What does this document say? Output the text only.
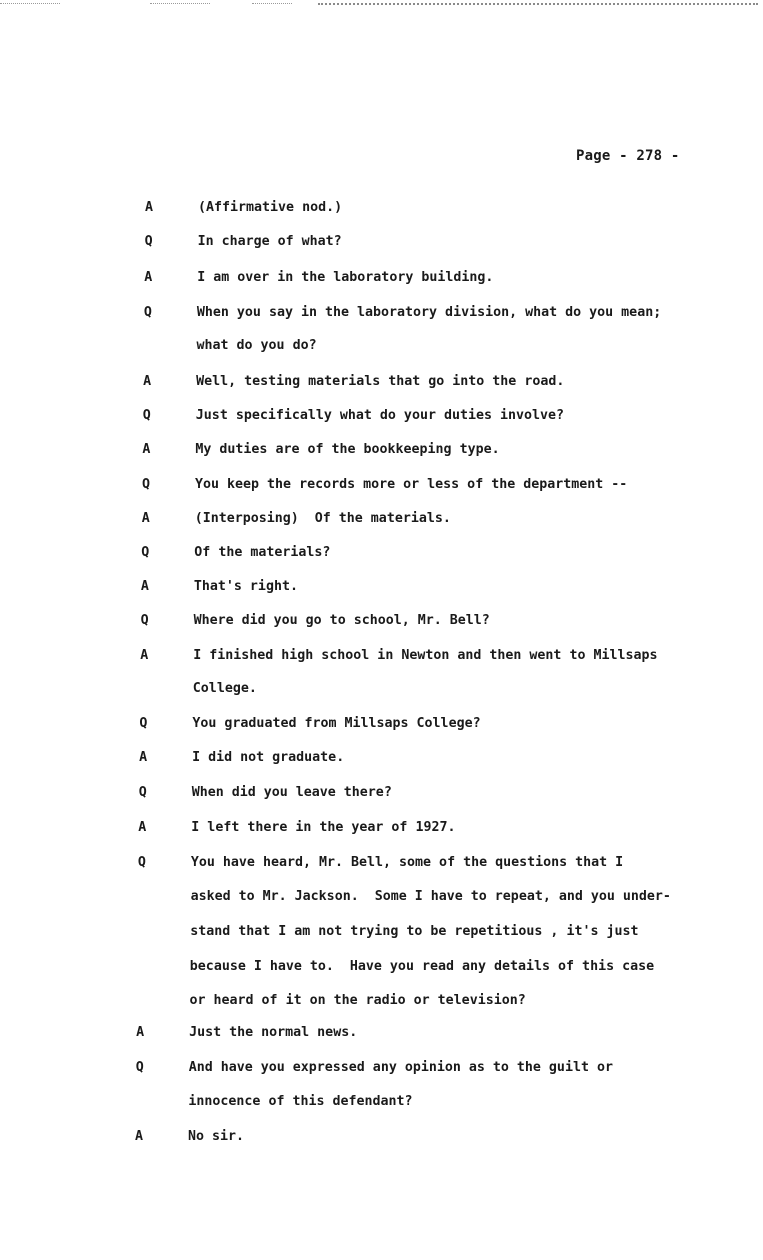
Page - 278 -

A

	(Affirmative nod.)

Q

	In charge of what?

A

	I am over in the laboratory building.

Q

	When you say in the laboratory division, what do you mean;

what do you do?

A

	Well, testing materials that go into the road.

Q

	Just specifically what do your duties involve?

A

	My duties are of the bookkeeping type.

Q

	You keep the records more or less of the department --

A

	(Interposing)  Of the materials.

Q

	Of the materials?

A

	That's right.

Q

	Where did you go to school, Mr. Bell?

A

	I finished high school in Newton and then went to Millsaps

College.

Q

	You graduated from Millsaps College?

A

	I did not graduate.

Q

	When did you leave there?

A

	I left there in the year of 1927.

Q

	You have heard, Mr. Bell, some of the questions that I

asked to Mr. Jackson.  Some I have to repeat, and you under-

stand that I am not trying to be repetitious , it's just

because I have to.  Have you read any details of this case

or heard of it on the radio or television?

A

	Just the normal news.

Q

	And have you expressed any opinion as to the guilt or

innocence of this defendant?

A

	No sir.
